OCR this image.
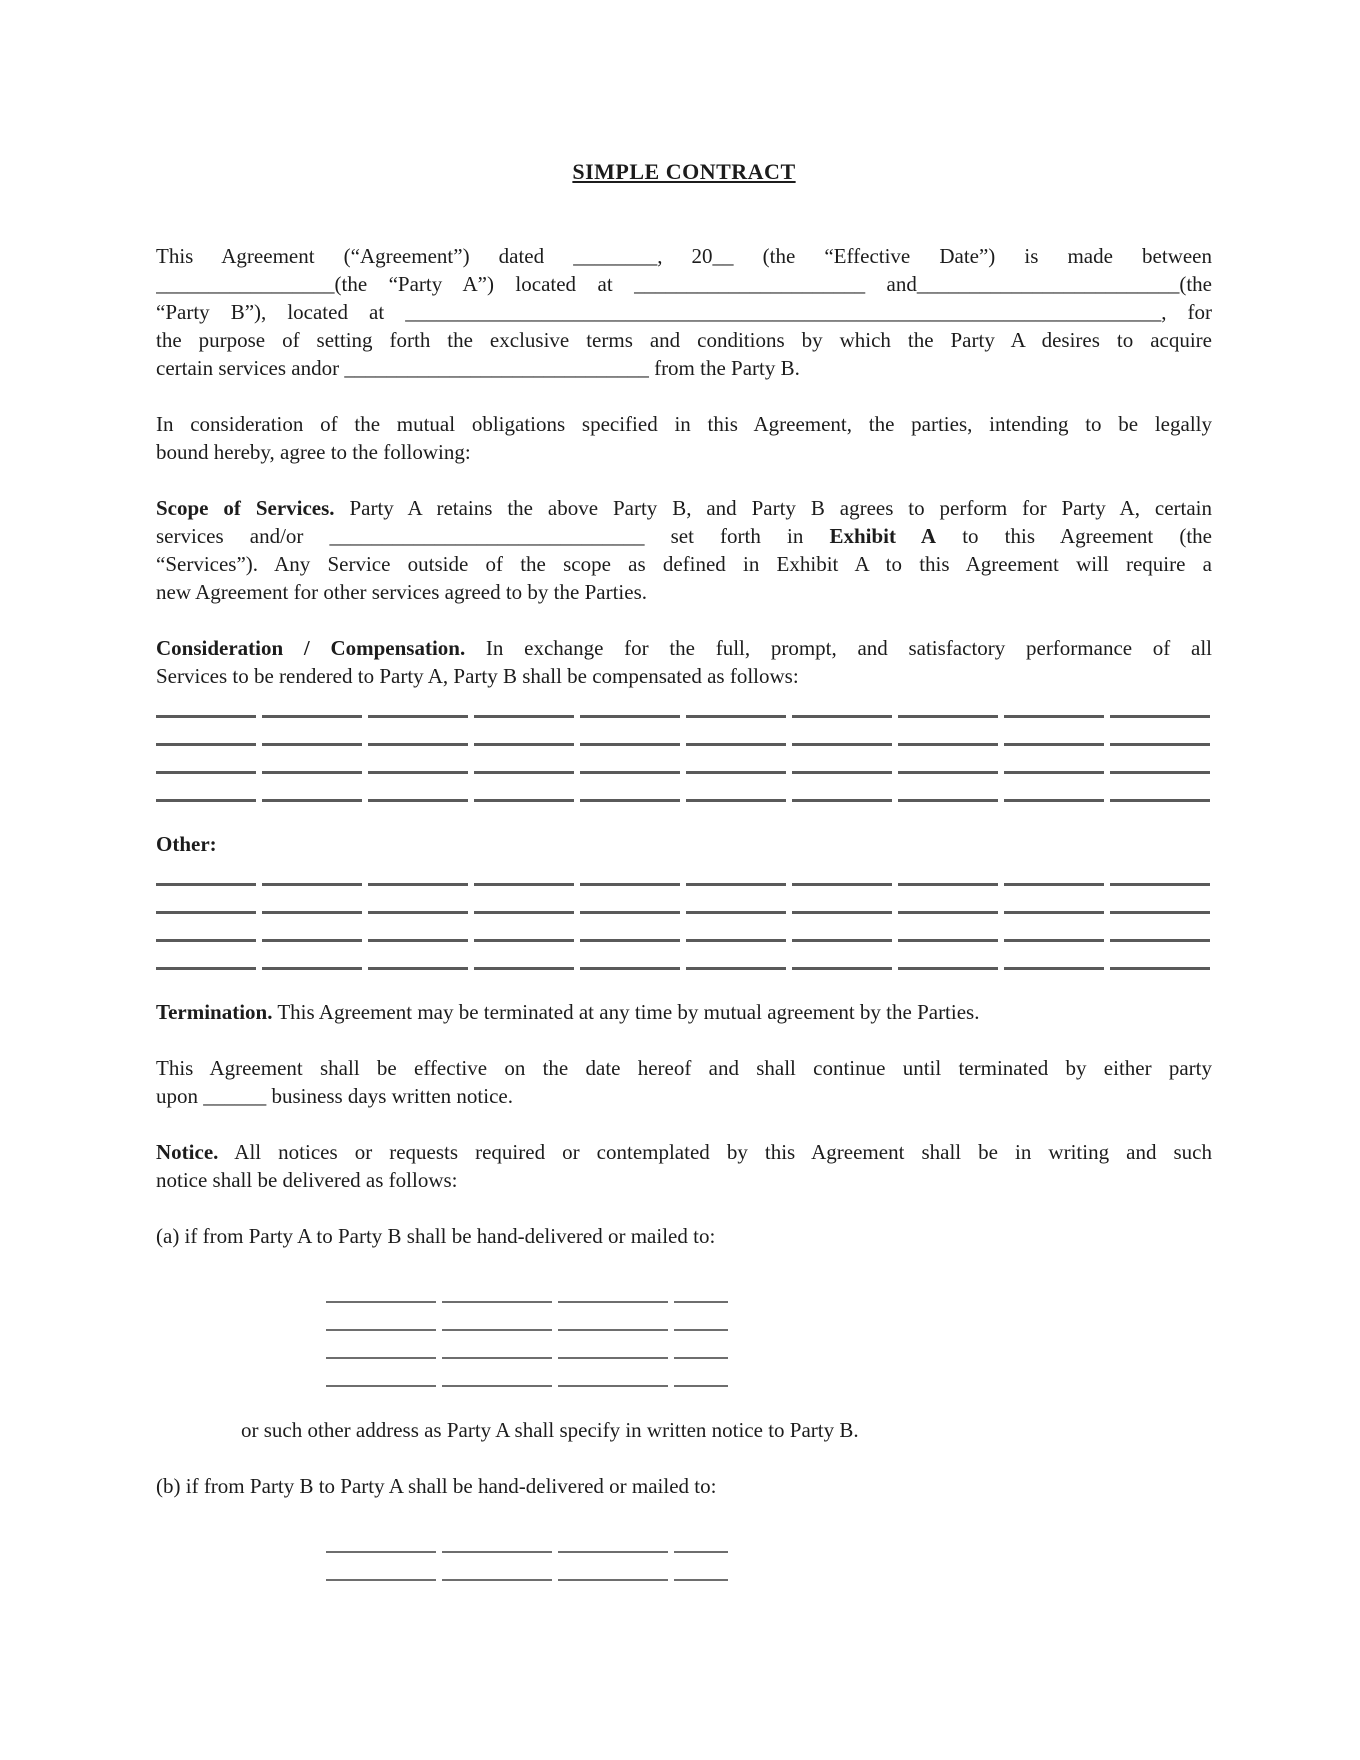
SIMPLE CONTRACT
This Agreement (“Agreement”) dated ________, 20__ (the “Effective Date”) is made between
_________________(the “Party A”) located at ______________________ and_________________________(the
“Party B”), located at ________________________________________________________________________, for
the purpose of setting forth the exclusive terms and conditions by which the Party A desires to acquire
certain services andor _____________________________ from the Party B.
In consideration of the mutual obligations specified in this Agreement, the parties, intending to be legally
bound hereby, agree to the following:
Scope of Services. Party A retains the above Party B, and Party B agrees to perform for Party A, certain
services and/or ______________________________ set forth in Exhibit A to this Agreement (the
“Services”). Any Service outside of the scope as defined in Exhibit A to this Agreement will require a
new Agreement for other services agreed to by the Parties.
Consideration / Compensation. In exchange for the full, prompt, and satisfactory performance of all
Services to be rendered to Party A, Party B shall be compensated as follows:
Other:
Termination. This Agreement may be terminated at any time by mutual agreement by the Parties.
This Agreement shall be effective on the date hereof and shall continue until terminated by either party
upon ______ business days written notice.
Notice. All notices or requests required or contemplated by this Agreement shall be in writing and such
notice shall be delivered as follows:
(a) if from Party A to Party B shall be hand-delivered or mailed to:
or such other address as Party A shall specify in written notice to Party B.
(b) if from Party B to Party A shall be hand-delivered or mailed to:
